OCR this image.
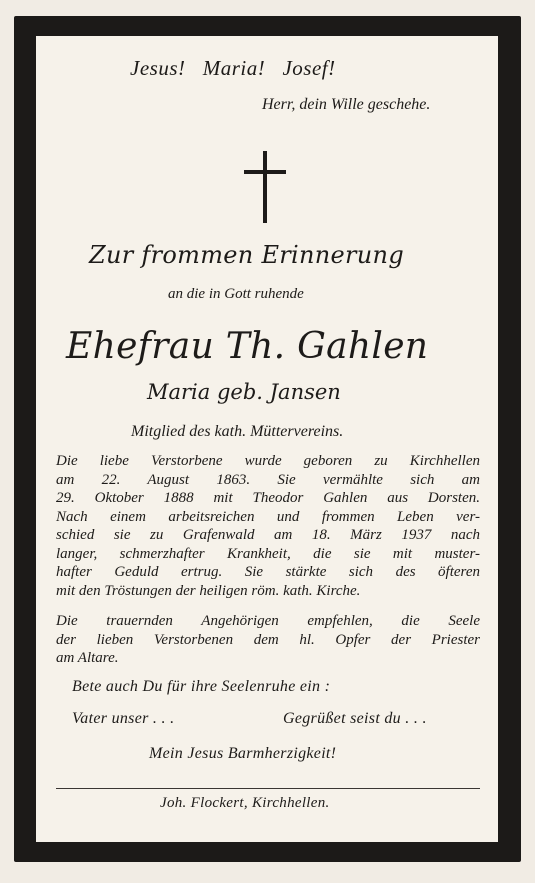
Jesus!   Maria!   Josef!
Herr, dein Wille geschehe.
Zur frommen Erinnerung
an die in Gott ruhende
Ehefrau Th. Gahlen
Maria geb. Jansen
Mitglied des kath. Müttervereins.
Die liebe Verstorbene wurde geboren zu Kirchhellen
am 22. August 1863. Sie vermählte sich am
29. Oktober 1888 mit Theodor Gahlen aus Dorsten.
Nach einem arbeitsreichen und frommen Leben ver-
schied sie zu Grafenwald am 18. März 1937 nach
langer, schmerzhafter Krankheit, die sie mit muster-
hafter Geduld ertrug. Sie stärkte sich des öfteren
mit den Tröstungen der heiligen röm. kath. Kirche.
Die trauernden Angehörigen empfehlen, die Seele
der lieben Verstorbenen dem hl. Opfer der Priester
am Altare.
Bete auch Du für ihre Seelenruhe ein :
Vater unser . . .	Gegrüßet seist du . . .
Mein Jesus Barmherzigkeit!
Joh. Flockert, Kirchhellen.
